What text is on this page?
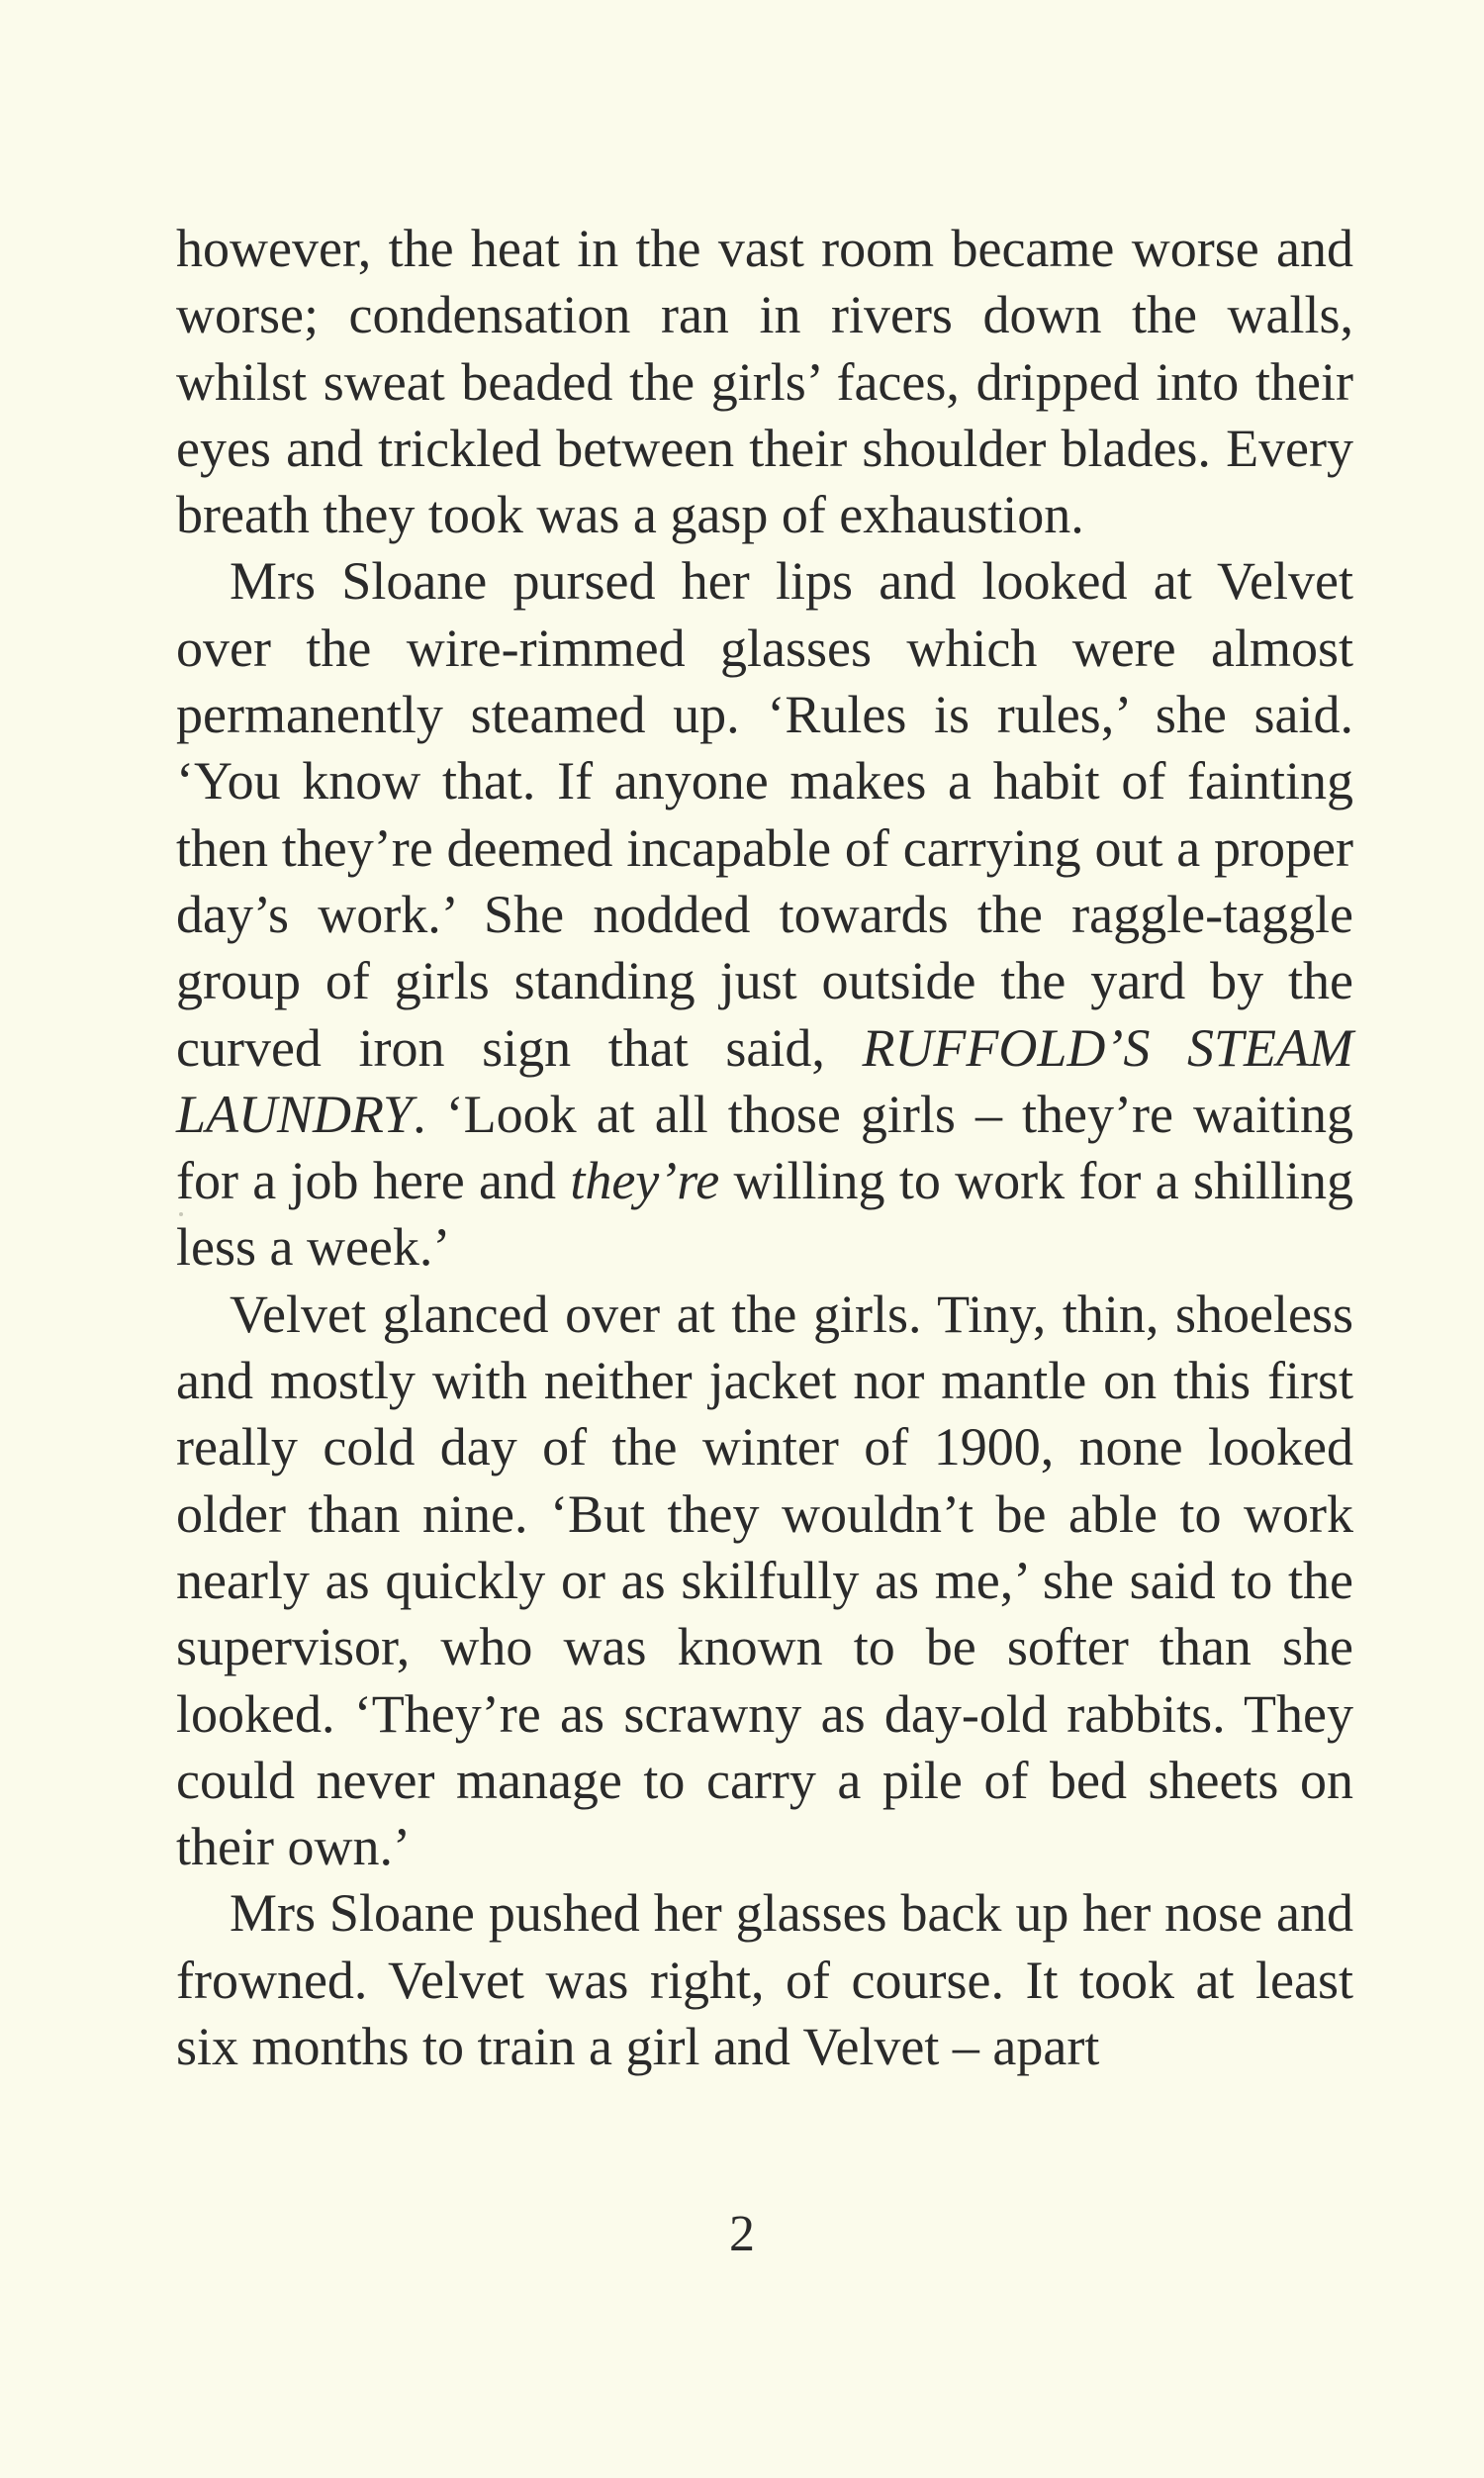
however, the heat in the vast room became worse and worse; condensation ran in rivers down the walls, whilst sweat beaded the girls’ faces, dripped into their eyes and trickled between their shoulder blades. Every breath they took was a gasp of exhaustion.

Mrs Sloane pursed her lips and looked at Velvet over the wire-rimmed glasses which were almost permanently steamed up. ‘Rules is rules,’ she said. ‘You know that. If anyone makes a habit of fainting then they’re deemed incapable of carrying out a proper day’s work.’ She nodded towards the raggle-taggle group of girls standing just outside the yard by the curved iron sign that said, RUFFOLD’S STEAM LAUNDRY. ‘Look at all those girls – they’re waiting for a job here and they’re willing to work for a shilling less a week.’

Velvet glanced over at the girls. Tiny, thin, shoeless and mostly with neither jacket nor mantle on this first really cold day of the winter of 1900, none looked older than nine. ‘But they wouldn’t be able to work nearly as quickly or as skilfully as me,’ she said to the supervisor, who was known to be softer than she looked. ‘They’re as scrawny as day-old rabbits. They could never manage to carry a pile of bed sheets on their own.’

Mrs Sloane pushed her glasses back up her nose and frowned. Velvet was right, of course. It took at least six months to train a girl and Velvet – apart

2
